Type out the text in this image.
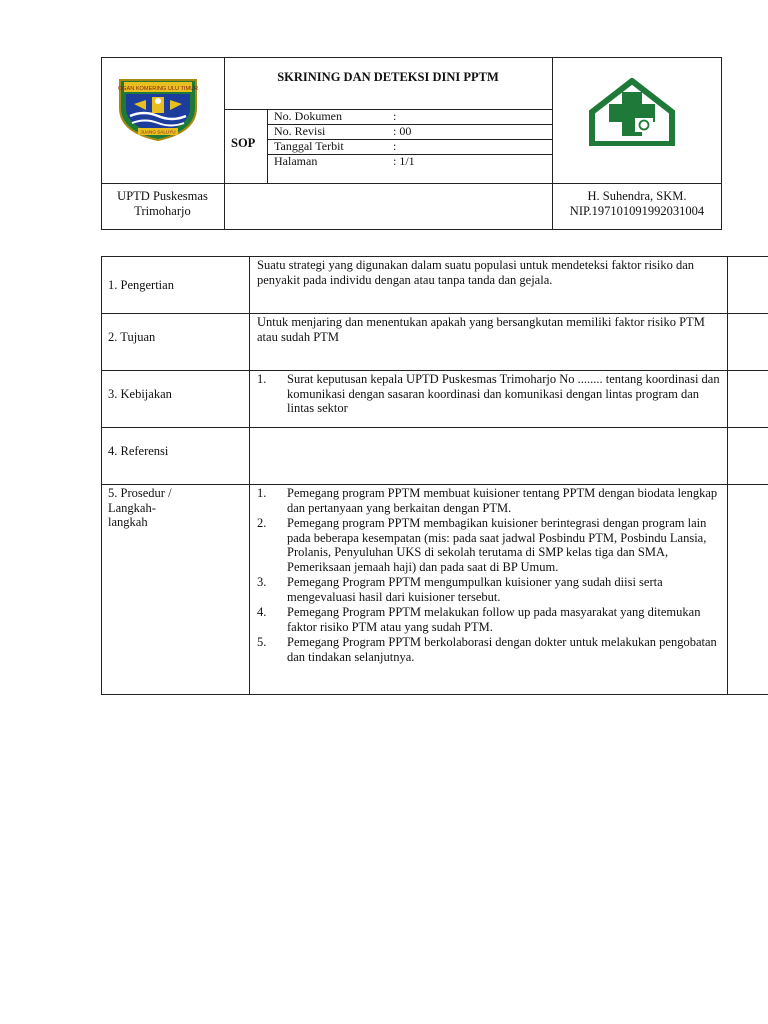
OGAN KOMERING ULU TIMUR
JUANG SALUYU
SKRINING DAN DETEKSI DINI PPTM
SOP
No. Dokumen	:
No. Revisi	: 00
Tanggal Terbit	:
Halaman	: 1/1
UPTD Puskesmas
Trimoharjo
H. Suhendra, SKM.
NIP.197101091992031004
1. Pengertian
Suatu strategi yang digunakan dalam suatu populasi untuk mendeteksi faktor risiko dan penyakit pada individu dengan atau tanpa tanda dan gejala.
2. Tujuan
Untuk menjaring dan menentukan apakah yang bersangkutan memiliki faktor risiko PTM atau sudah PTM
3. Kebijakan
1.	Surat keputusan kepala UPTD Puskesmas Trimoharjo No ........ tentang koordinasi dan komunikasi dengan sasaran koordinasi dan komunikasi dengan lintas program dan lintas sektor
4. Referensi
5. Prosedur /
Langkah-
langkah
1.	Pemegang program PPTM membuat kuisioner tentang PPTM dengan biodata lengkap dan pertanyaan yang berkaitan dengan PTM.
2.	Pemegang program PPTM membagikan kuisioner berintegrasi dengan program lain pada beberapa kesempatan (mis: pada saat jadwal Posbindu PTM, Posbindu Lansia, Prolanis, Penyuluhan UKS di sekolah terutama di SMP kelas tiga dan SMA, Pemeriksaan jemaah haji) dan pada saat di BP Umum.
3.	Pemegang Program PPTM mengumpulkan kuisioner yang sudah diisi serta mengevaluasi hasil dari kuisioner tersebut.
4.	Pemegang Program PPTM melakukan follow up pada masyarakat yang ditemukan faktor risiko PTM atau yang sudah PTM.
5.	Pemegang Program PPTM berkolaborasi dengan dokter untuk melakukan pengobatan dan tindakan selanjutnya.
